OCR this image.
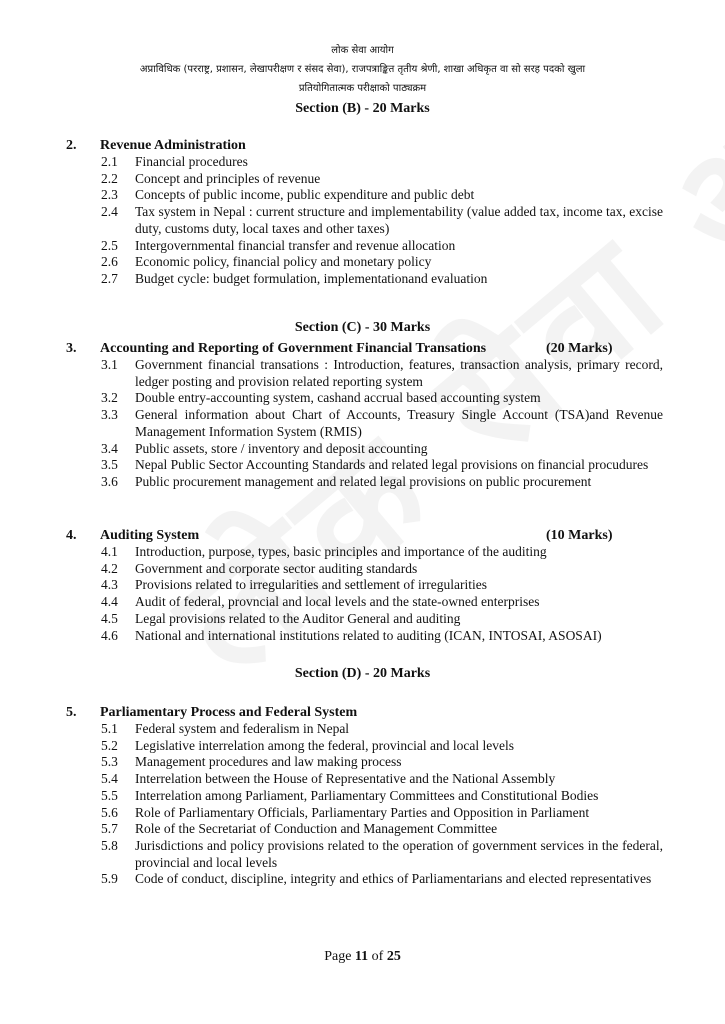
लोक सेवा आयोग
अप्राविधिक (परराष्ट्र, प्रशासन, लेखापरीक्षण र संसद सेवा), राजपत्राङ्कित तृतीय श्रेणी, शाखा अधिकृत वा सो सरह पदको खुला
प्रतियोगितात्मक परीक्षाको पाठ्यक्रम
Section (B) - 20 Marks
2. Revenue Administration
2.1 Financial procedures
2.2 Concept and principles of revenue
2.3 Concepts of public income, public expenditure and public debt
2.4 Tax system in Nepal : current structure and implementability (value added tax, income tax, excise duty, customs duty, local taxes and other taxes)
2.5 Intergovernmental financial transfer and revenue allocation
2.6 Economic policy, financial policy and monetary policy
2.7 Budget cycle: budget formulation, implementationand evaluation
Section (C) - 30 Marks
3. Accounting and Reporting of Government Financial Transations	(20 Marks)
3.1 Government financial transations : Introduction, features, transaction analysis, primary record, ledger posting and provision related reporting system
3.2 Double entry-accounting system, cashand accrual based accounting system
3.3 General information about Chart of Accounts, Treasury Single Account (TSA)and Revenue Management Information System (RMIS)
3.4 Public assets, store / inventory and deposit accounting
3.5 Nepal Public Sector Accounting Standards and related legal provisions on financial procudures
3.6 Public procurement management and related legal provisions on public procurement
4. Auditing System	(10 Marks)
4.1 Introduction, purpose, types, basic principles and importance of the auditing
4.2 Government and corporate sector auditing standards
4.3 Provisions related to irregularities and settlement of irregularities
4.4 Audit of federal, provncial and local levels and the state-owned enterprises
4.5 Legal provisions related to the Auditor General and auditing
4.6 National and international institutions related to auditing (ICAN, INTOSAI, ASOSAI)
Section (D) - 20 Marks
5. Parliamentary Process and Federal System
5.1 Federal system and federalism in Nepal
5.2 Legislative interrelation among the federal, provincial and local levels
5.3 Management procedures and law making process
5.4 Interrelation between the House of Representative and the National Assembly
5.5 Interrelation among Parliament, Parliamentary Committees and Constitutional Bodies
5.6 Role of Parliamentary Officials, Parliamentary Parties and Opposition in Parliament
5.7 Role of the Secretariat of Conduction and Management Committee
5.8 Jurisdictions and policy provisions related to the operation of government services in the federal, provincial and local levels
5.9 Code of conduct, discipline, integrity and ethics of Parliamentarians and elected representatives
Page 11 of 25
